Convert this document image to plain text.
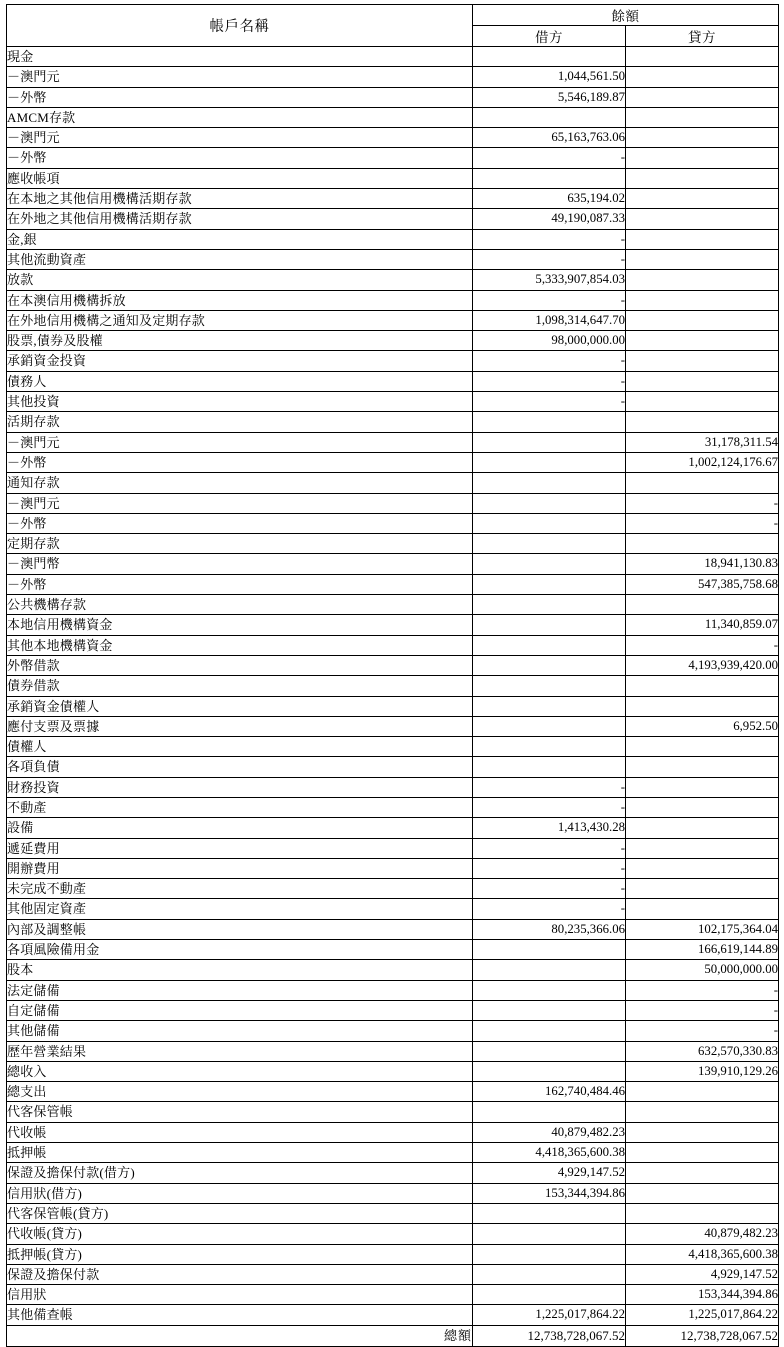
帳戶名稱	餘額	
	借方	貸方
現金		
－澳門元	1,044,561.50	
－外幣	5,546,189.87	
AMCM存款		
－澳門元	65,163,763.06	
－外幣	-	
應收帳項		
在本地之其他信用機構活期存款	635,194.02	
在外地之其他信用機構活期存款	49,190,087.33	
金,銀	-	
其他流動資產	-	
放款	5,333,907,854.03	
在本澳信用機構拆放	-	
在外地信用機構之通知及定期存款	1,098,314,647.70	
股票,債券及股權	98,000,000.00	
承銷資金投資	-	
債務人	-	
其他投資	-	
活期存款		
－澳門元		31,178,311.54
－外幣		1,002,124,176.67
通知存款		
－澳門元		-
－外幣		-
定期存款		
－澳門幣		18,941,130.83
－外幣		547,385,758.68
公共機構存款		
本地信用機構資金		11,340,859.07
其他本地機構資金		-
外幣借款		4,193,939,420.00
債券借款		
承銷資金債權人		
應付支票及票據		6,952.50
債權人		
各項負債		
財務投資	-	
不動產	-	
設備	1,413,430.28	
遞延費用	-	
開辦費用	-	
未完成不動產	-	
其他固定資產	-	
內部及調整帳	80,235,366.06	102,175,364.04
各項風險備用金		166,619,144.89
股本		50,000,000.00
法定儲備		-
自定儲備		-
其他儲備		-
歷年營業結果		632,570,330.83
總收入		139,910,129.26
總支出	162,740,484.46	
代客保管帳		
代收帳	40,879,482.23	
抵押帳	4,418,365,600.38	
保證及擔保付款(借方)	4,929,147.52	
信用狀(借方)	153,344,394.86	
代客保管帳(貸方)		
代收帳(貸方)		40,879,482.23
抵押帳(貸方)		4,418,365,600.38
保證及擔保付款		4,929,147.52
信用狀		153,344,394.86
其他備查帳	1,225,017,864.22	1,225,017,864.22
總額	12,738,728,067.52	12,738,728,067.52
